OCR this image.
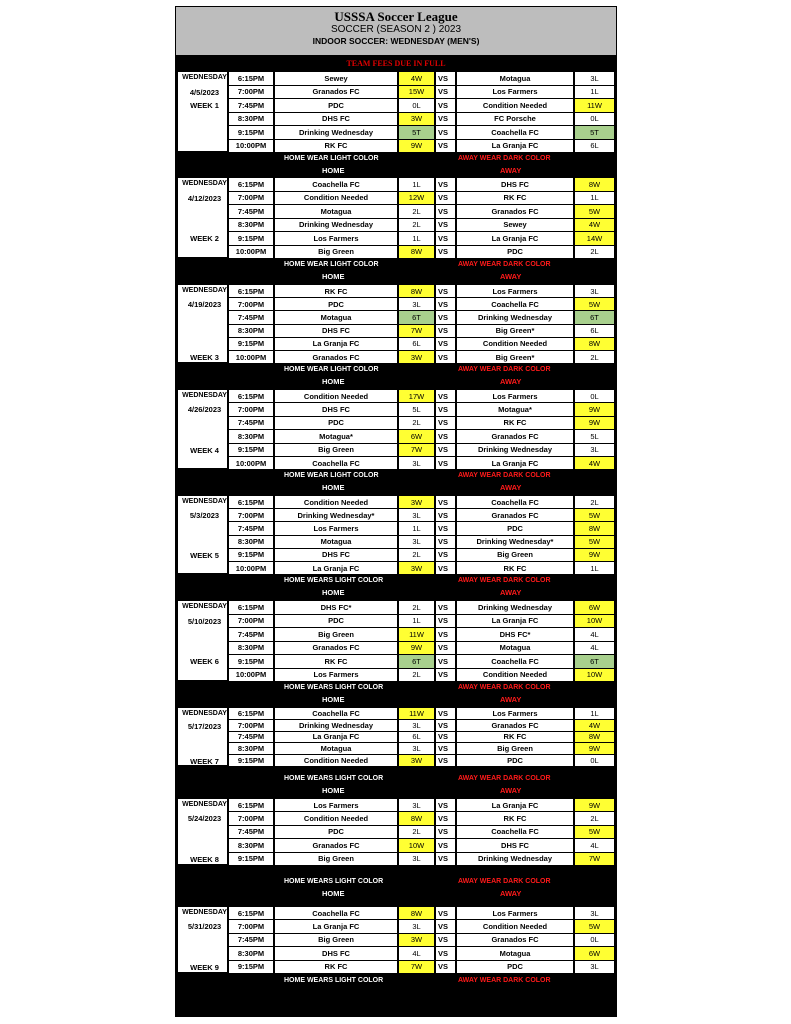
USSSA Soccer League
SOCCER (SEASON 2 ) 2023
INDOOR SOCCER: WEDNESDAY (MEN'S)
TEAM FEES DUE IN FULL
WEDNESDAY
4/5/2023
WEEK 1
6:15PM	Sewey	4W	VS	Motagua	3L
7:00PM	Granados FC	15W	VS	Los Farmers	1L
7:45PM	PDC	0L	VS	Condition Needed	11W
8:30PM	DHS FC	3W	VS	FC Porsche	0L
9:15PM	Drinking Wednesday	5T	VS	Coachella FC	5T
10:00PM	RK FC	9W	VS	La Granja FC	6L
HOME WEAR LIGHT COLOR	AWAY WEAR DARK COLOR
HOME	AWAY
WEDNESDAY
4/12/2023
WEEK 2
6:15PM	Coachella FC	1L	VS	DHS FC	8W
7:00PM	Condition Needed	12W	VS	RK FC	1L
7:45PM	Motagua	2L	VS	Granados FC	5W
8:30PM	Drinking Wednesday	2L	VS	Sewey	4W
9:15PM	Los Farmers	1L	VS	La Granja FC	14W
10:00PM	Big Green	8W	VS	PDC	2L
HOME WEAR LIGHT COLOR	AWAY WEAR DARK COLOR
HOME	AWAY
WEDNESDAY
4/19/2023
WEEK 3
6:15PM	RK FC	8W	VS	Los Farmers	3L
7:00PM	PDC	3L	VS	Coachella FC	5W
7:45PM	Motagua	6T	VS	Drinking Wednesday	6T
8:30PM	DHS FC	7W	VS	Big Green*	6L
9:15PM	La Granja FC	6L	VS	Condition Needed	8W
10:00PM	Granados FC	3W	VS	Big Green*	2L
HOME WEAR LIGHT COLOR	AWAY WEAR DARK COLOR
HOME	AWAY
WEDNESDAY
4/26/2023
WEEK 4
6:15PM	Condition Needed	17W	VS	Los Farmers	0L
7:00PM	DHS FC	5L	VS	Motagua*	9W
7:45PM	PDC	2L	VS	RK FC	9W
8:30PM	Motagua*	6W	VS	Granados FC	5L
9:15PM	Big Green	7W	VS	Drinking Wednesday	3L
10:00PM	Coachella FC	3L	VS	La Granja FC	4W
HOME WEAR LIGHT COLOR	AWAY WEAR DARK COLOR
HOME	AWAY
WEDNESDAY
5/3/2023
WEEK 5
6:15PM	Condition Needed	3W	VS	Coachella FC	2L
7:00PM	Drinking Wednesday*	3L	VS	Granados FC	5W
7:45PM	Los Farmers	1L	VS	PDC	8W
8:30PM	Motagua	3L	VS	Drinking Wednesday*	5W
9:15PM	DHS FC	2L	VS	Big Green	9W
10:00PM	La Granja FC	3W	VS	RK FC	1L
HOME WEARS LIGHT COLOR	AWAY WEAR DARK COLOR
HOME	AWAY
WEDNESDAY
5/10/2023
WEEK 6
6:15PM	DHS FC*	2L	VS	Drinking Wednesday	6W
7:00PM	PDC	1L	VS	La Granja FC	10W
7:45PM	Big Green	11W	VS	DHS FC*	4L
8:30PM	Granados FC	9W	VS	Motagua	4L
9:15PM	RK FC	6T	VS	Coachella FC	6T
10:00PM	Los Farmers	2L	VS	Condition Needed	10W
HOME WEARS LIGHT COLOR	AWAY WEAR DARK COLOR
HOME	AWAY
WEDNESDAY
5/17/2023
WEEK 7
6:15PM	Coachella FC	11W	VS	Los Farmers	1L
7:00PM	Drinking Wednesday	3L	VS	Granados FC	4W
7:45PM	La Granja FC	6L	VS	RK FC	8W
8:30PM	Motagua	3L	VS	Big Green	9W
9:15PM	Condition Needed	3W	VS	PDC	0L
HOME WEARS LIGHT COLOR	AWAY WEAR DARK COLOR
HOME	AWAY
WEDNESDAY
5/24/2023
WEEK 8
6:15PM	Los Farmers	3L	VS	La Granja FC	9W
7:00PM	Condition Needed	8W	VS	RK FC	2L
7:45PM	PDC	2L	VS	Coachella FC	5W
8:30PM	Granados FC	10W	VS	DHS FC	4L
9:15PM	Big Green	3L	VS	Drinking Wednesday	7W
HOME WEARS LIGHT COLOR	AWAY WEAR DARK COLOR
HOME	AWAY
WEDNESDAY
5/31/2023
WEEK 9
6:15PM	Coachella FC	8W	VS	Los Farmers	3L
7:00PM	La Granja FC	3L	VS	Condition Needed	5W
7:45PM	Big Green	3W	VS	Granados FC	0L
8:30PM	DHS FC	4L	VS	Motagua	6W
9:15PM	RK FC	7W	VS	PDC	3L
HOME WEARS LIGHT COLOR	AWAY WEAR DARK COLOR
